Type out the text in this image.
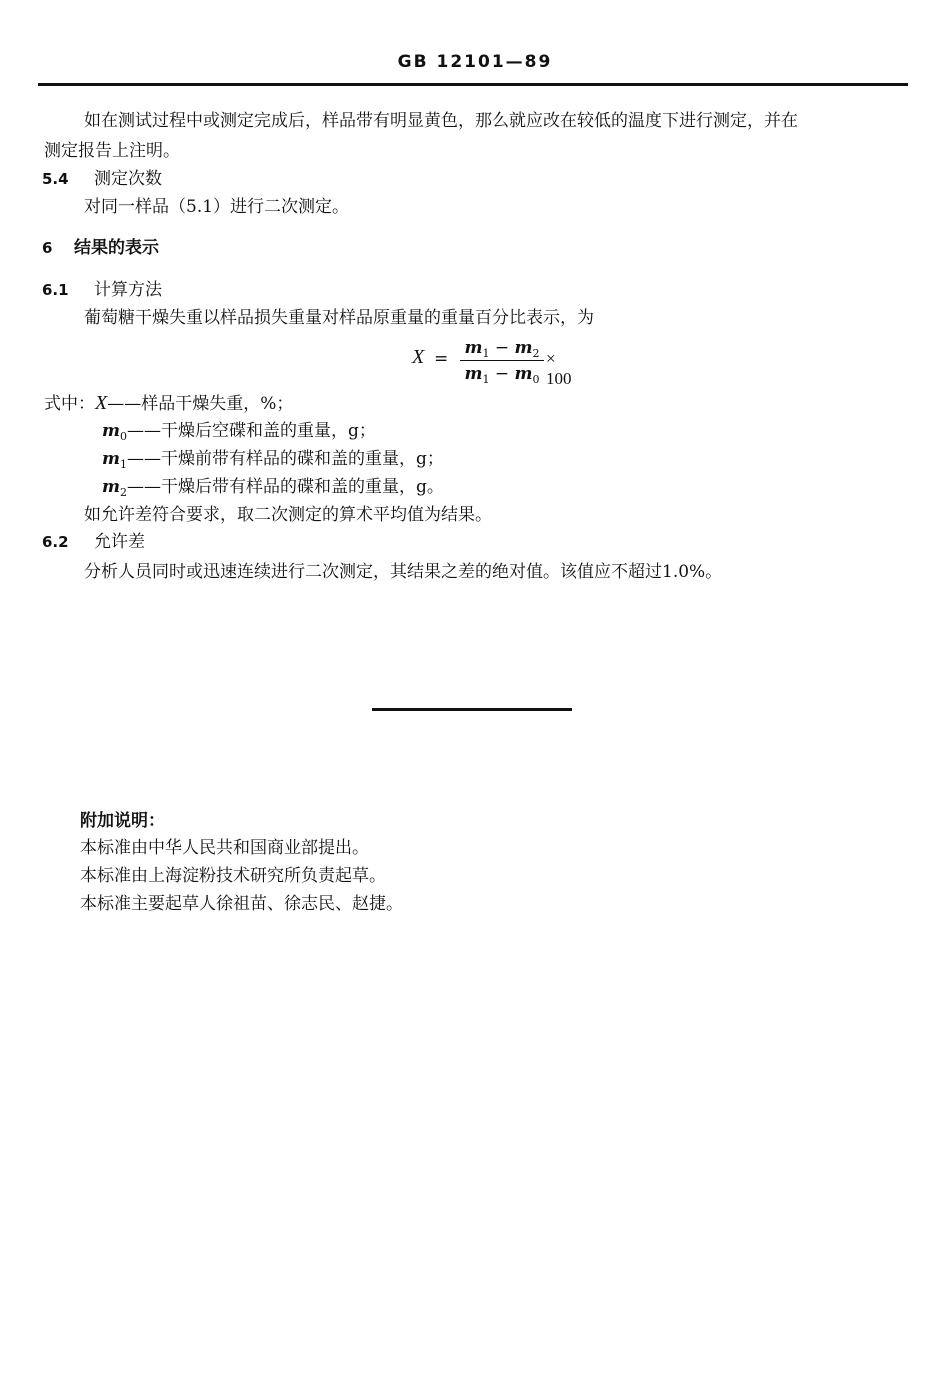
GB 12101—89
如在测试过程中或测定完成后，样品带有明显黄色，那么就应改在较低的温度下进行测定，并在
测定报告上注明。
5.4 测定次数
对同一样品（5.1）进行二次测定。
6 结果的表示
6.1 计算方法
葡萄糖干燥失重以样品损失重量对样品原重量的重量百分比表示，为
X =
$m_1 - m_2$
$m_1 - m_0$
× 100
式中：X——样品干燥失重，%；
$m_0——$干燥后空碟和盖的重量，g；
$m_1——$干燥前带有样品的碟和盖的重量，g；
$m_2——$干燥后带有样品的碟和盖的重量，g。
如允许差符合要求，取二次测定的算术平均值为结果。
6.2 允许差
分析人员同时或迅速连续进行二次测定，其结果之差的绝对值。该值应不超过1.0%。
附加说明：
本标准由中华人民共和国商业部提出。
本标准由上海淀粉技术研究所负责起草。
本标准主要起草人徐祖苗、徐志民、赵捷。
